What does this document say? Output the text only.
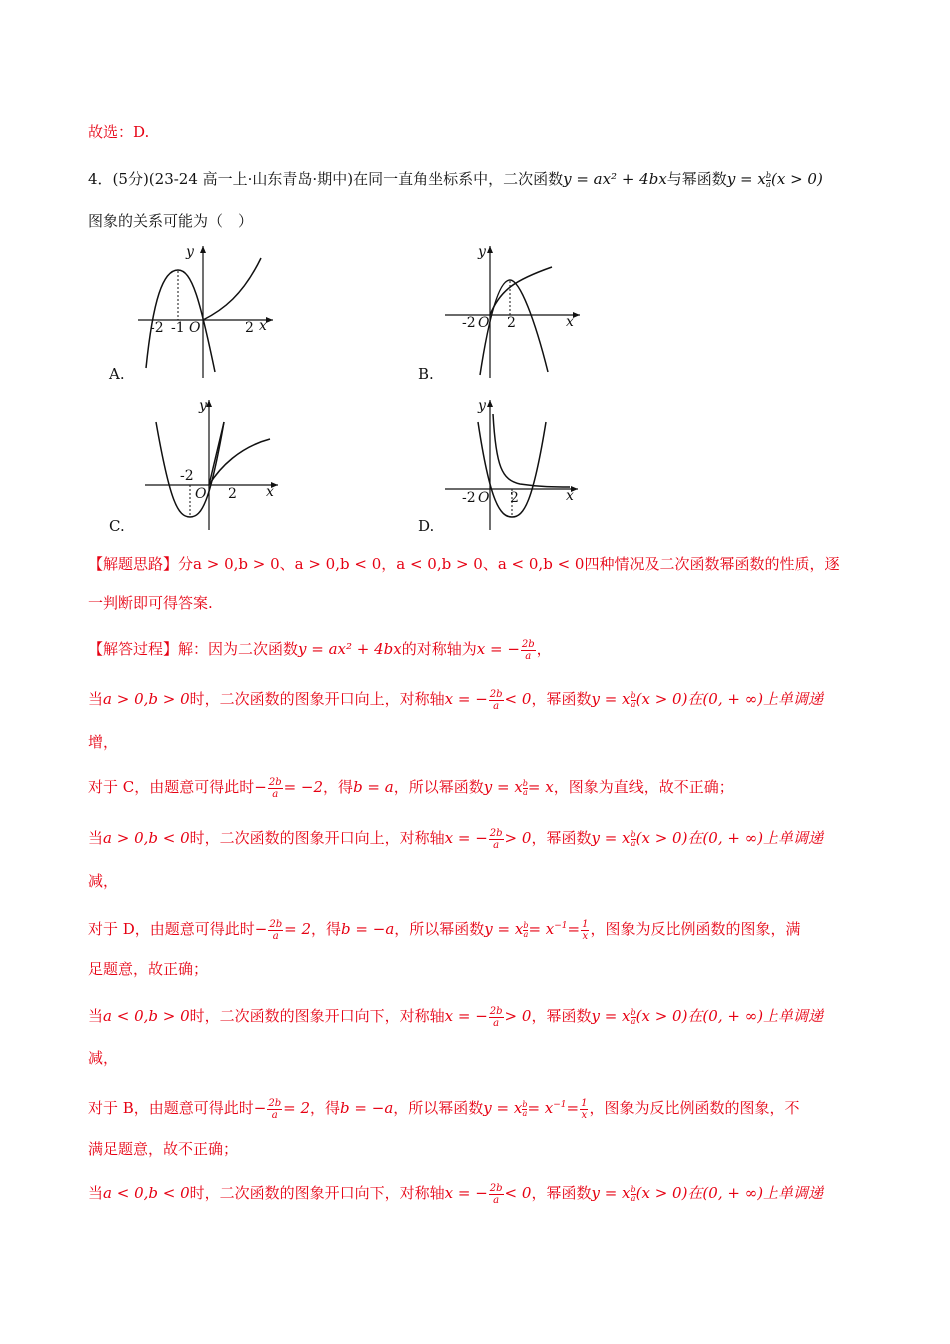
故选：D.
4．(5分)(23-24 高一上·山东青岛·期中)在同一直角坐标系中，二次函数y = ax² + 4bx与幂函数y = x $\frac{b}{a} (x > 0)$
图象的关系可能为（　）
y
x
-2 -1 O	2
A.
y
x
-2 O 2
B.
y
x
-2
O 2
C.
y
x
-2 O 2
D.
【解题思路】分a > 0,b > 0、a > 0,b < 0，a < 0,b > 0、a < 0,b < 0四种情况及二次函数幂函数的性质，逐
一判断即可得答案.
【解答过程】解：因为二次函数y = ax² + 4bx的对称轴为x = − $\frac{2b}{a}$ ，
当a > 0,b > 0时，二次函数的图象开口向上，对称轴x = − $\frac{2b}{a} < 0$，幂函数y = x $\frac{b}{a} (x > 0)$在(0, + ∞)上单调递
增，
对于 C，由题意可得此时− $\frac{2b}{a} = -2$，得b = a，所以幂函数y = x $\frac{b}{a} = x$，图象为直线，故不正确；
当a > 0,b < 0时，二次函数的图象开口向上，对称轴x = − $\frac{2b}{a} > 0$，幂函数y = x $\frac{b}{a} (x > 0)$在(0, + ∞)上单调递
减，
对于 D，由题意可得此时− $\frac{2b}{a} = 2$，得b = −a，所以幂函数y = x $\frac{b}{a} = x^{-1}= \frac{1}{x}$ ，图象为反比例函数的图象，满
足题意，故正确；
当a < 0,b > 0时，二次函数的图象开口向下，对称轴x = − $\frac{2b}{a} > 0$，幂函数y = x $\frac{b}{a} (x > 0)$在(0, + ∞)上单调递
减，
对于 B，由题意可得此时− $\frac{2b}{a} = 2$，得b = −a，所以幂函数y = x $\frac{b}{a} = x^{-1}= \frac{1}{x}$ ，图象为反比例函数的图象，不
满足题意，故不正确；
当a < 0,b < 0时，二次函数的图象开口向下，对称轴x = − $\frac{2b}{a} < 0$，幂函数y = x $\frac{b}{a} (x > 0)$在(0, + ∞)上单调递
